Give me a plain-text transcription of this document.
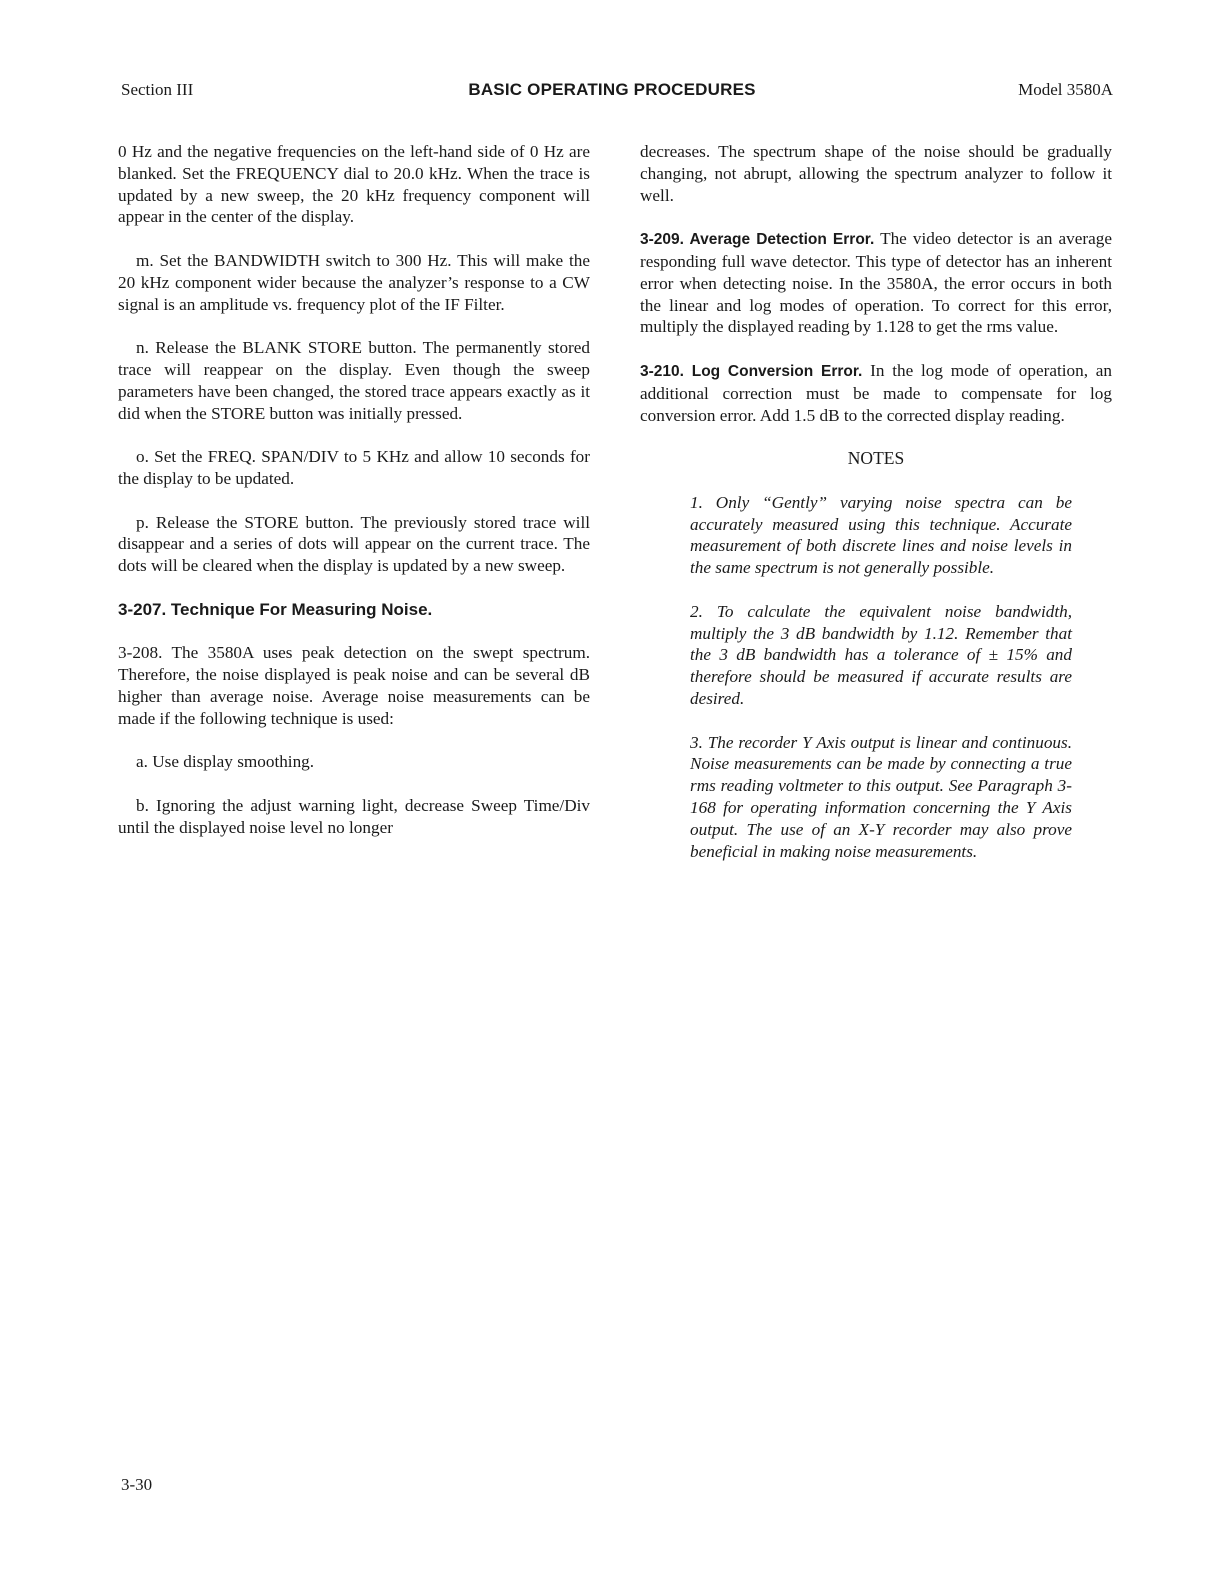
Section III	BASIC OPERATING PROCEDURES	Model 3580A

0 Hz and the negative frequencies on the left-hand side of 0 Hz are blanked. Set the FREQUENCY dial to 20.0 kHz. When the trace is updated by a new sweep, the 20 kHz frequency component will appear in the center of the display.

m. Set the BANDWIDTH switch to 300 Hz. This will make the 20 kHz component wider because the analyzer’s response to a CW signal is an amplitude vs. frequency plot of the IF Filter.

n. Release the BLANK STORE button. The permanently stored trace will reappear on the display. Even though the sweep parameters have been changed, the stored trace appears exactly as it did when the STORE button was initially pressed.

o. Set the FREQ. SPAN/DIV to 5 KHz and allow 10 seconds for the display to be updated.

p. Release the STORE button. The previously stored trace will disappear and a series of dots will appear on the current trace. The dots will be cleared when the display is updated by a new sweep.

3-207. Technique For Measuring Noise.

3-208. The 3580A uses peak detection on the swept spectrum. Therefore, the noise displayed is peak noise and can be several dB higher than average noise. Average noise measurements can be made if the following technique is used:

a. Use display smoothing.

b. Ignoring the adjust warning light, decrease Sweep Time/Div until the displayed noise level no longer

decreases. The spectrum shape of the noise should be gradually changing, not abrupt, allowing the spectrum analyzer to follow it well.

3-209. Average Detection Error. The video detector is an average responding full wave detector. This type of detector has an inherent error when detecting noise. In the 3580A, the error occurs in both the linear and log modes of operation. To correct for this error, multiply the displayed reading by 1.128 to get the rms value.

3-210. Log Conversion Error. In the log mode of operation, an additional correction must be made to compensate for log conversion error. Add 1.5 dB to the corrected display reading.

NOTES

1. Only “Gently” varying noise spectra can be accurately measured using this technique. Accurate measurement of both discrete lines and noise levels in the same spectrum is not generally possible.

2. To calculate the equivalent noise bandwidth, multiply the 3 dB bandwidth by 1.12. Remember that the 3 dB bandwidth has a tolerance of ± 15% and therefore should be measured if accurate results are desired.

3. The recorder Y Axis output is linear and continuous. Noise measurements can be made by connecting a true rms reading voltmeter to this output. See Paragraph 3-168 for operating information concerning the Y Axis output. The use of an X-Y recorder may also prove beneficial in making noise measurements.

3-30
